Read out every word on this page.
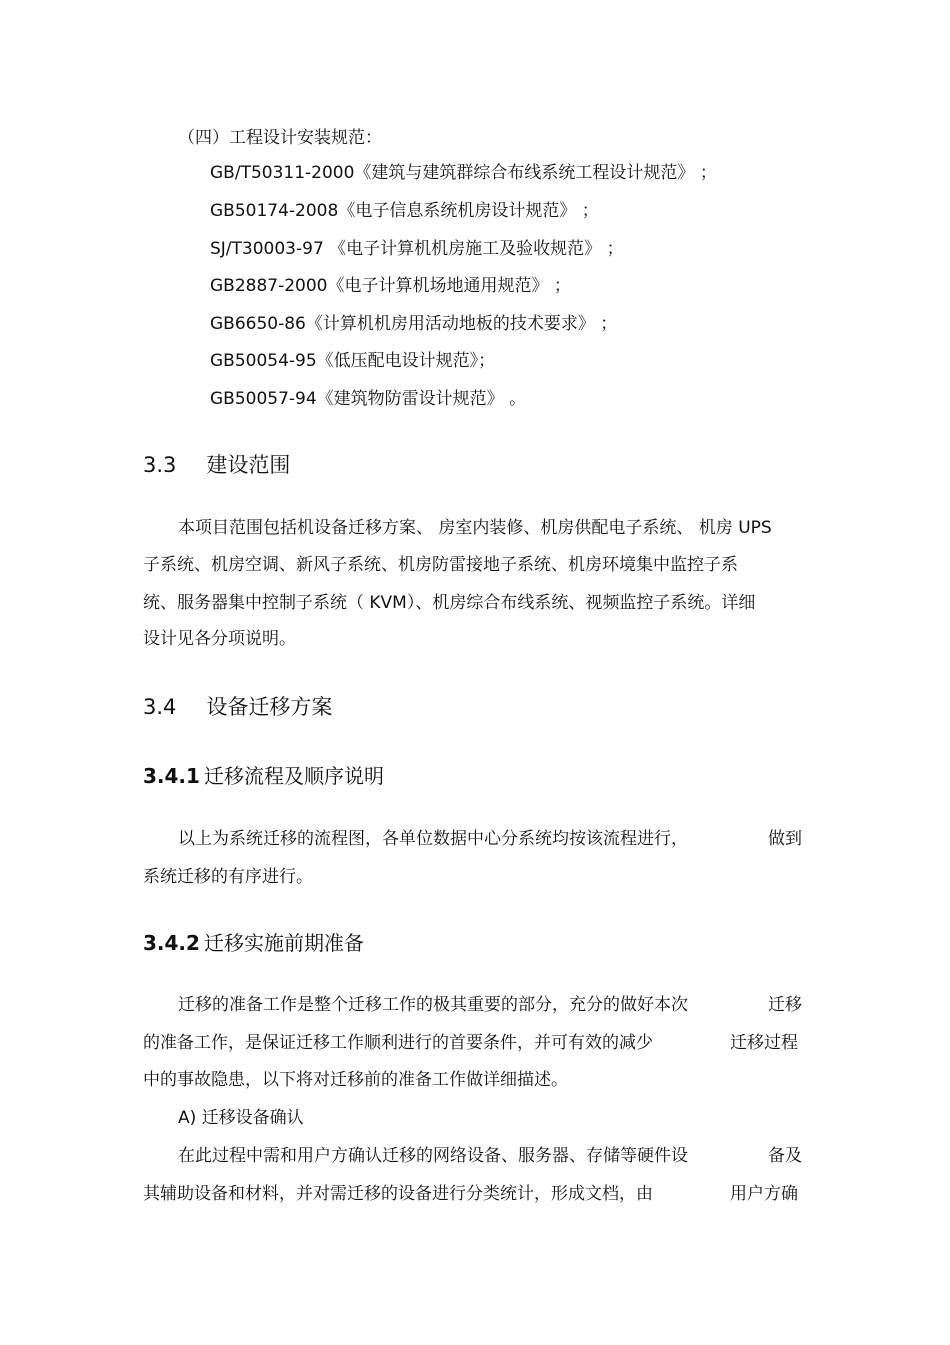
（四）工程设计安装规范：
GB/T50311-2000《建筑与建筑群综合布线系统工程设计规范》 ；
GB50174-2008《电子信息系统机房设计规范》 ；
SJ/T30003-97 《电子计算机机房施工及验收规范》 ；
GB2887-2000《电子计算机场地通用规范》 ；
GB6650-86《计算机机房用活动地板的技术要求》 ；
GB50054-95《低压配电设计规范》；
GB50057-94《建筑物防雷设计规范》 。
3.3 建设范围
本项目范围包括机设备迁移方案、 房室内装修、机房供配电子系统、 机房 UPS
子系统、机房空调、新风子系统、机房防雷接地子系统、机房环境集中监控子系
统、服务器集中控制子系统（ KVM）、机房综合布线系统、视频监控子系统。详细
设计见各分项说明。
3.4 设备迁移方案
3.4.1 迁移流程及顺序说明
以上为系统迁移的流程图，各单位数据中心分系统均按该流程进行，	做到
系统迁移的有序进行。
3.4.2 迁移实施前期准备
迁移的准备工作是整个迁移工作的极其重要的部分，充分的做好本次	迁移
的准备工作，是保证迁移工作顺利进行的首要条件，并可有效的减少	迁移过程
中的事故隐患，以下将对迁移前的准备工作做详细描述。
A) 迁移设备确认
在此过程中需和用户方确认迁移的网络设备、服务器、存储等硬件设	备及
其辅助设备和材料，并对需迁移的设备进行分类统计，形成文档，由	用户方确
